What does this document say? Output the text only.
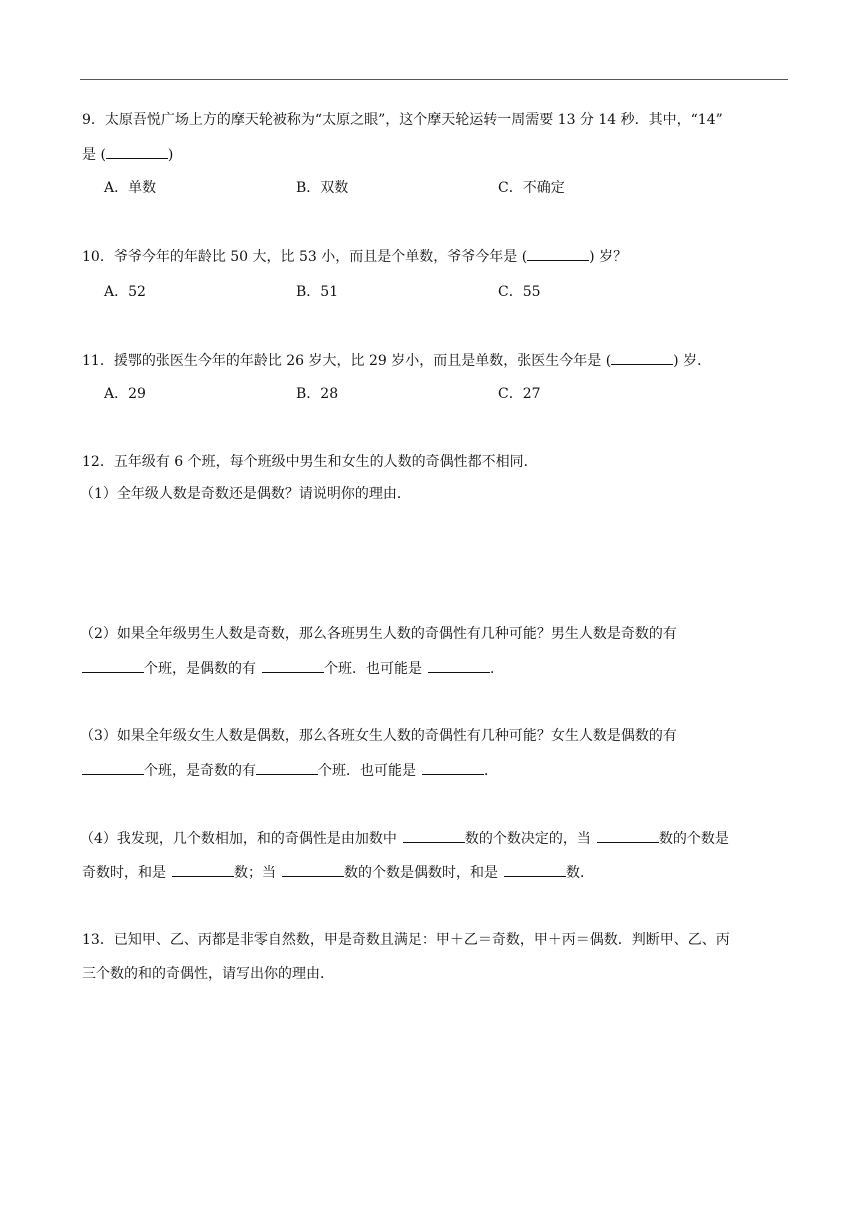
9．太原吾悦广场上方的摩天轮被称为“太原之眼”，这个摩天轮运转一周需要 13 分 14 秒．其中，“14”
是 (	)
A．单数	B．双数	C．不确定
10．爷爷今年的年龄比 50 大，比 53 小，而且是个单数，爷爷今年是 (	) 岁？
A．52	B．51	C．55
11．援鄂的张医生今年的年龄比 26 岁大，比 29 岁小，而且是单数，张医生今年是 (	) 岁．
A．29	B．28	C．27
12．五年级有 6 个班，每个班级中男生和女生的人数的奇偶性都不相同．
（1）全年级人数是奇数还是偶数？请说明你的理由．
（2）如果全年级男生人数是奇数，那么各班男生人数的奇偶性有几种可能？男生人数是奇数的有
个班，是偶数的有	个班．也可能是	．
（3）如果全年级女生人数是偶数，那么各班女生人数的奇偶性有几种可能？女生人数是偶数的有
个班，是奇数的有	个班．也可能是	．
（4）我发现，几个数相加，和的奇偶性是由加数中	数的个数决定的，当	数的个数是
奇数时，和是	数；当	数的个数是偶数时，和是	数．
13．已知甲、乙、丙都是非零自然数，甲是奇数且满足：甲＋乙＝奇数，甲＋丙＝偶数．判断甲、乙、丙
三个数的和的奇偶性，请写出你的理由．
